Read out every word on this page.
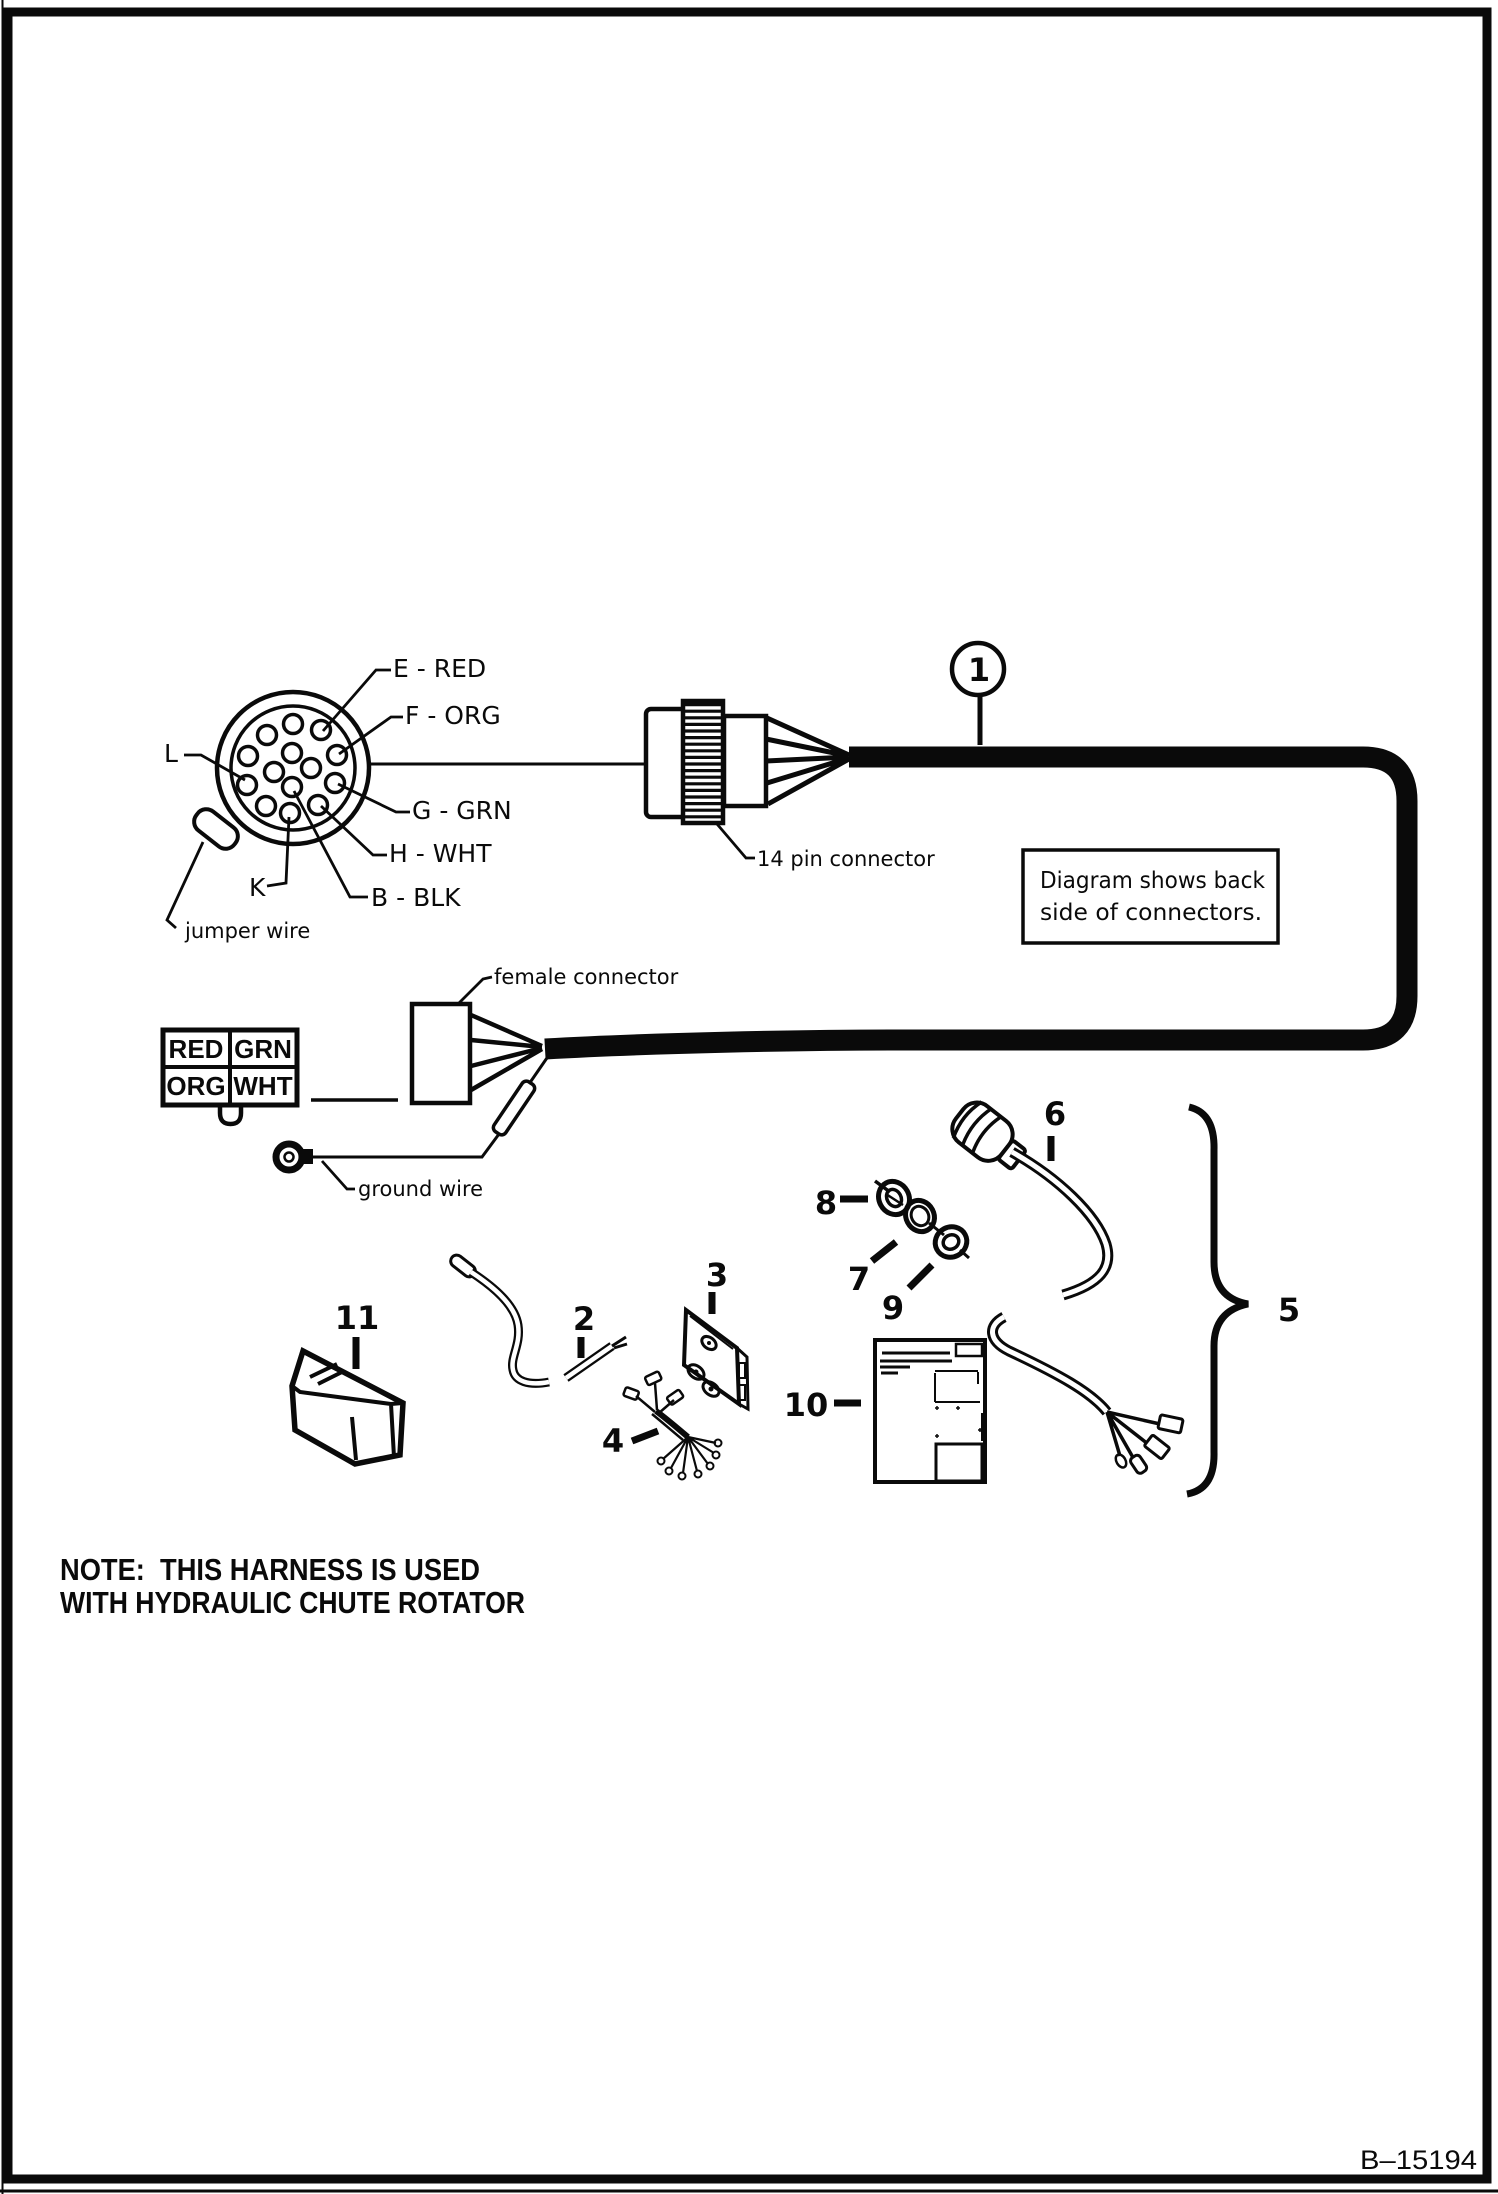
E - RED
F - ORG
L
G - GRN
H - WHT
K	B - BLK
jumper wire
14 pin connector
1
Diagram shows back
side of connectors.
female connector
RED GRN
ORG WHT
ground wire
11	2
3
4
8
7
9
6
10
5
NOTE:  THIS HARNESS IS USED
WITH HYDRAULIC CHUTE ROTATOR
B–15194
